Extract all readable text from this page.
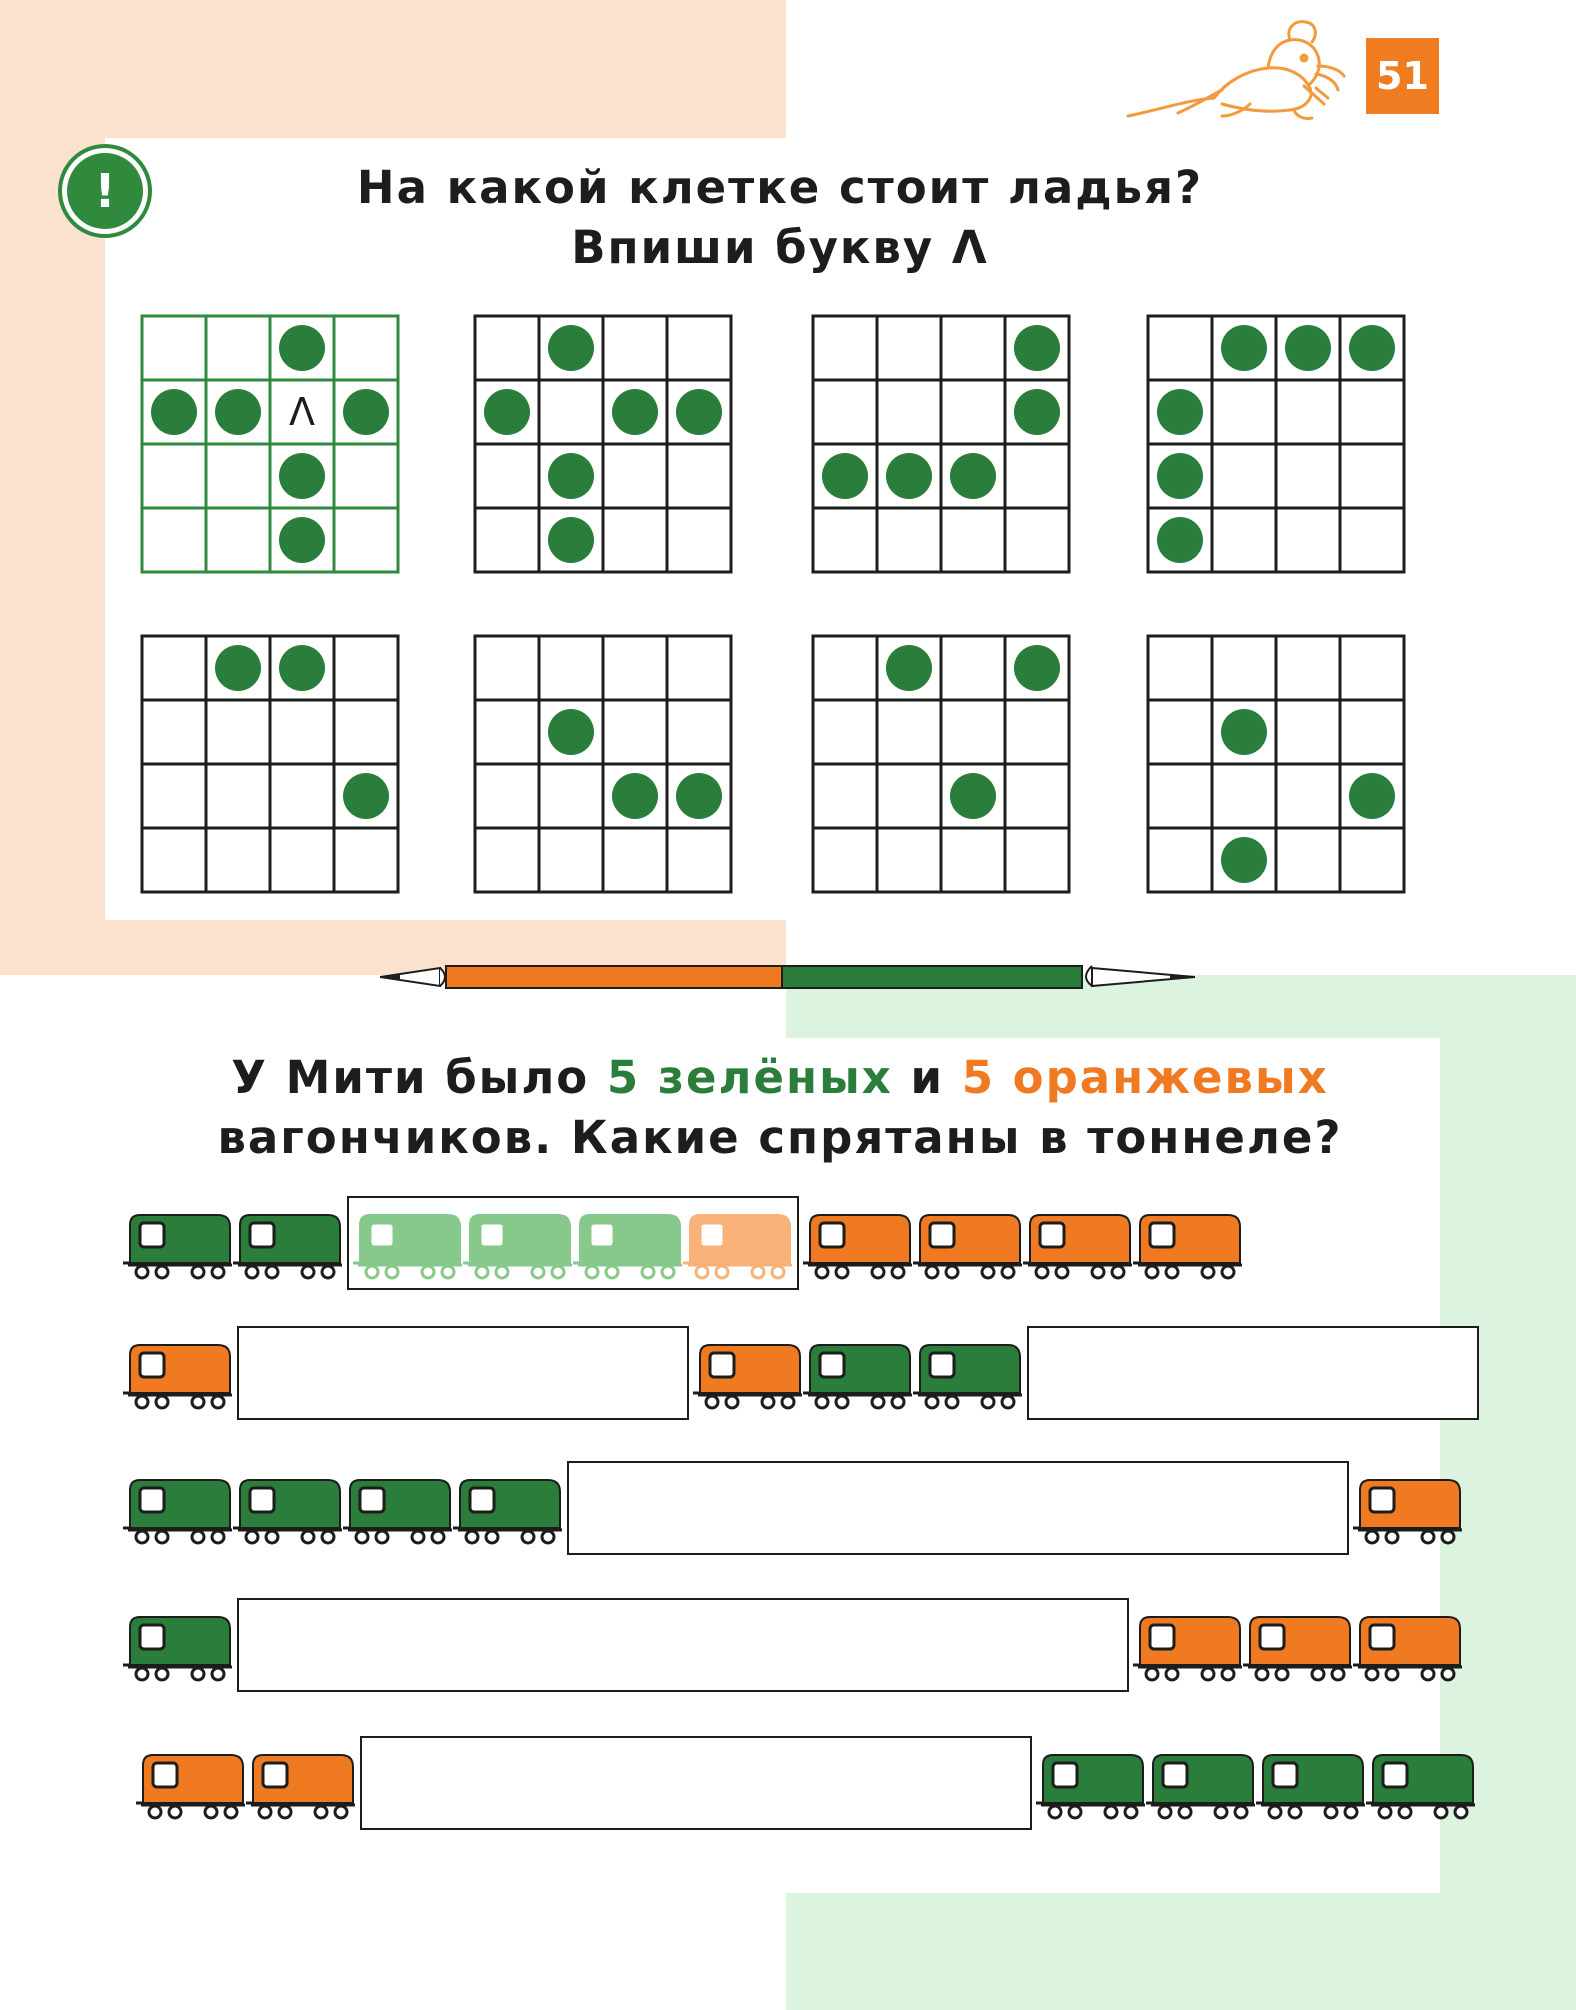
51
!	На какой клетке стоит ладья?
Впиши букву Λ
Λ
У Мити было 5 зелёных и 5 оранжевых
вагончиков. Какие спрятаны в тоннеле?
